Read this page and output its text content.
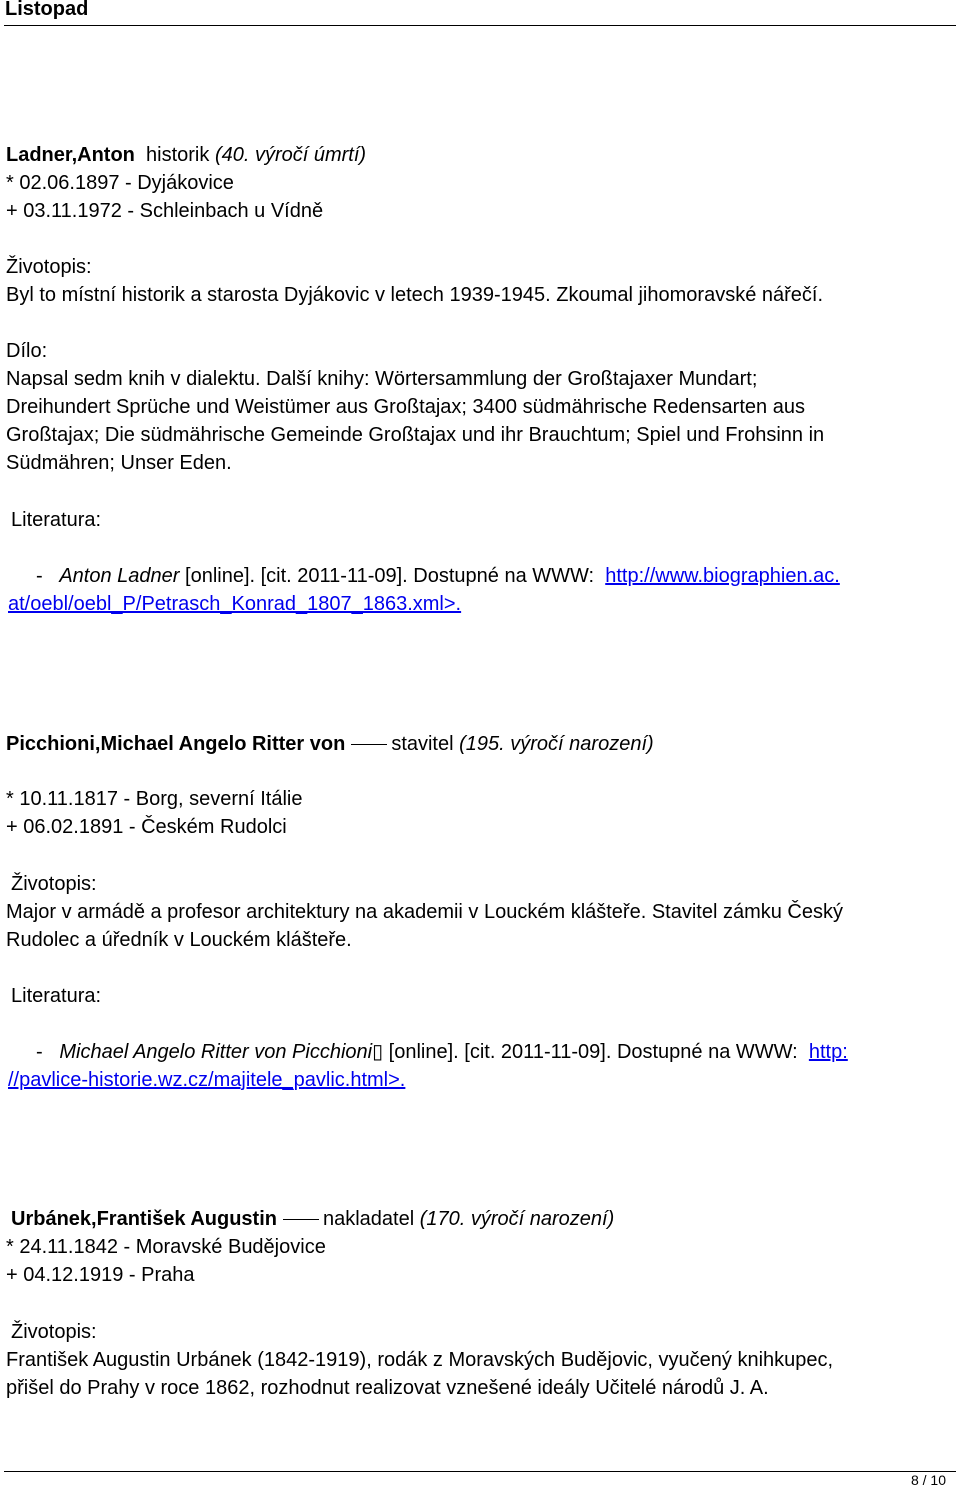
Listopad
Ladner,Anton historik (40. výročí úmrtí)
* 02.06.1897 - Dyjákovice
+ 03.11.1972 - Schleinbach u Vídně
Životopis:
Byl to místní historik a starosta Dyjákovic v letech 1939-1945. Zkoumal jihomoravské nářečí.
Dílo:
Napsal sedm knih v dialektu. Další knihy: Wörtersammlung der Großtajaxer Mundart;
Dreihundert Sprüche und Weistümer aus Großtajax; 3400 südmährische Redensarten aus
Großtajax; Die südmährische Gemeinde Großtajax und ihr Brauchtum; Spiel und Frohsinn in
Südmähren; Unser Eden.
Literatura:
- Anton Ladner [online]. [cit. 2011-11-09]. Dostupné na WWW: http://www.biographien.ac.
at/oebl/oebl_P/Petrasch_Konrad_1807_1863.xml>.
Picchioni,Michael Angelo Ritter von stavitel (195. výročí narození)
* 10.11.1817 - Borg, severní Itálie
+ 06.02.1891 - Českém Rudolci
Životopis:
Major v armádě a profesor architektury na akademii v Louckém klášteře. Stavitel zámku Český
Rudolec a úředník v Louckém klášteře.
Literatura:
- Michael Angelo Ritter von Picchioni▯ [online]. [cit. 2011-11-09]. Dostupné na WWW: http:
//pavlice-historie.wz.cz/majitele_pavlic.html>.
Urbánek,František Augustin nakladatel (170. výročí narození)
* 24.11.1842 - Moravské Budějovice
+ 04.12.1919 - Praha
Životopis:
František Augustin Urbánek (1842-1919), rodák z Moravských Budějovic, vyučený knihkupec,
přišel do Prahy v roce 1862, rozhodnut realizovat vznešené ideály Učitelé národů J. A.
8 / 10
